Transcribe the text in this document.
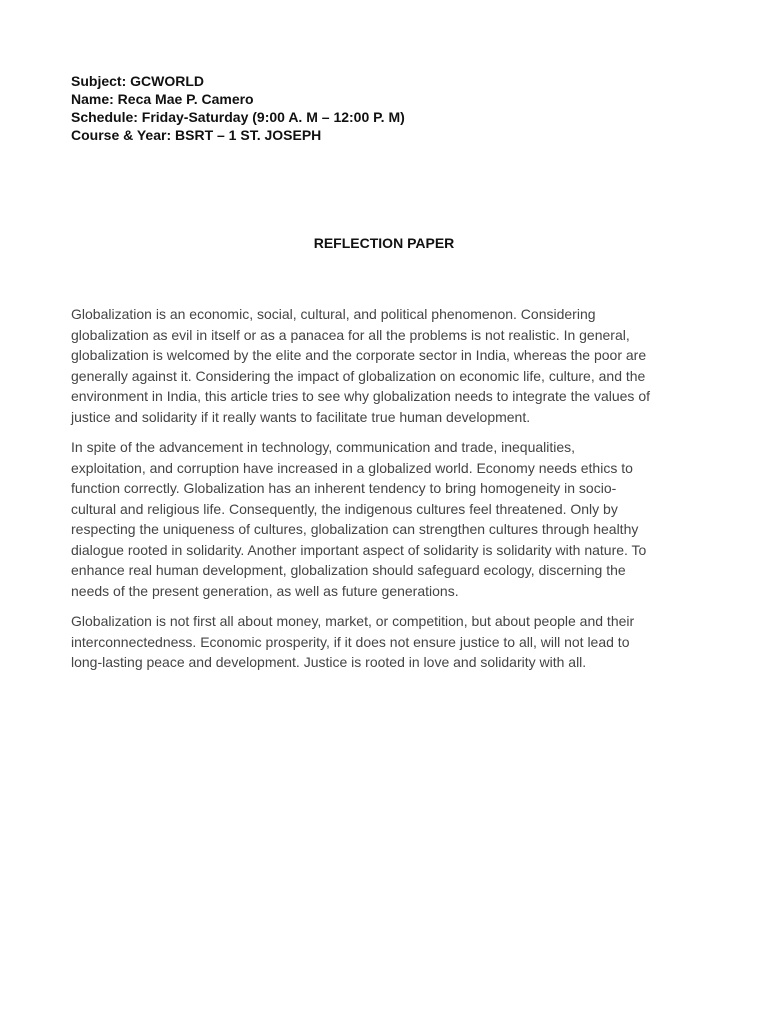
Subject: GCWORLD
Name: Reca Mae P. Camero
Schedule: Friday-Saturday (9:00 A. M – 12:00 P. M)
Course & Year: BSRT – 1 ST. JOSEPH
REFLECTION PAPER

Globalization is an economic, social, cultural, and political phenomenon. Considering
globalization as evil in itself or as a panacea for all the problems is not realistic. In general,
globalization is welcomed by the elite and the corporate sector in India, whereas the poor are
generally against it. Considering the impact of globalization on economic life, culture, and the
environment in India, this article tries to see why globalization needs to integrate the values of
justice and solidarity if it really wants to facilitate true human development.

In spite of the advancement in technology, communication and trade, inequalities,
exploitation, and corruption have increased in a globalized world. Economy needs ethics to
function correctly. Globalization has an inherent tendency to bring homogeneity in socio-
cultural and religious life. Consequently, the indigenous cultures feel threatened. Only by
respecting the uniqueness of cultures, globalization can strengthen cultures through healthy
dialogue rooted in solidarity. Another important aspect of solidarity is solidarity with nature. To
enhance real human development, globalization should safeguard ecology, discerning the
needs of the present generation, as well as future generations.

Globalization is not first all about money, market, or competition, but about people and their
interconnectedness. Economic prosperity, if it does not ensure justice to all, will not lead to
long-lasting peace and development. Justice is rooted in love and solidarity with all.
